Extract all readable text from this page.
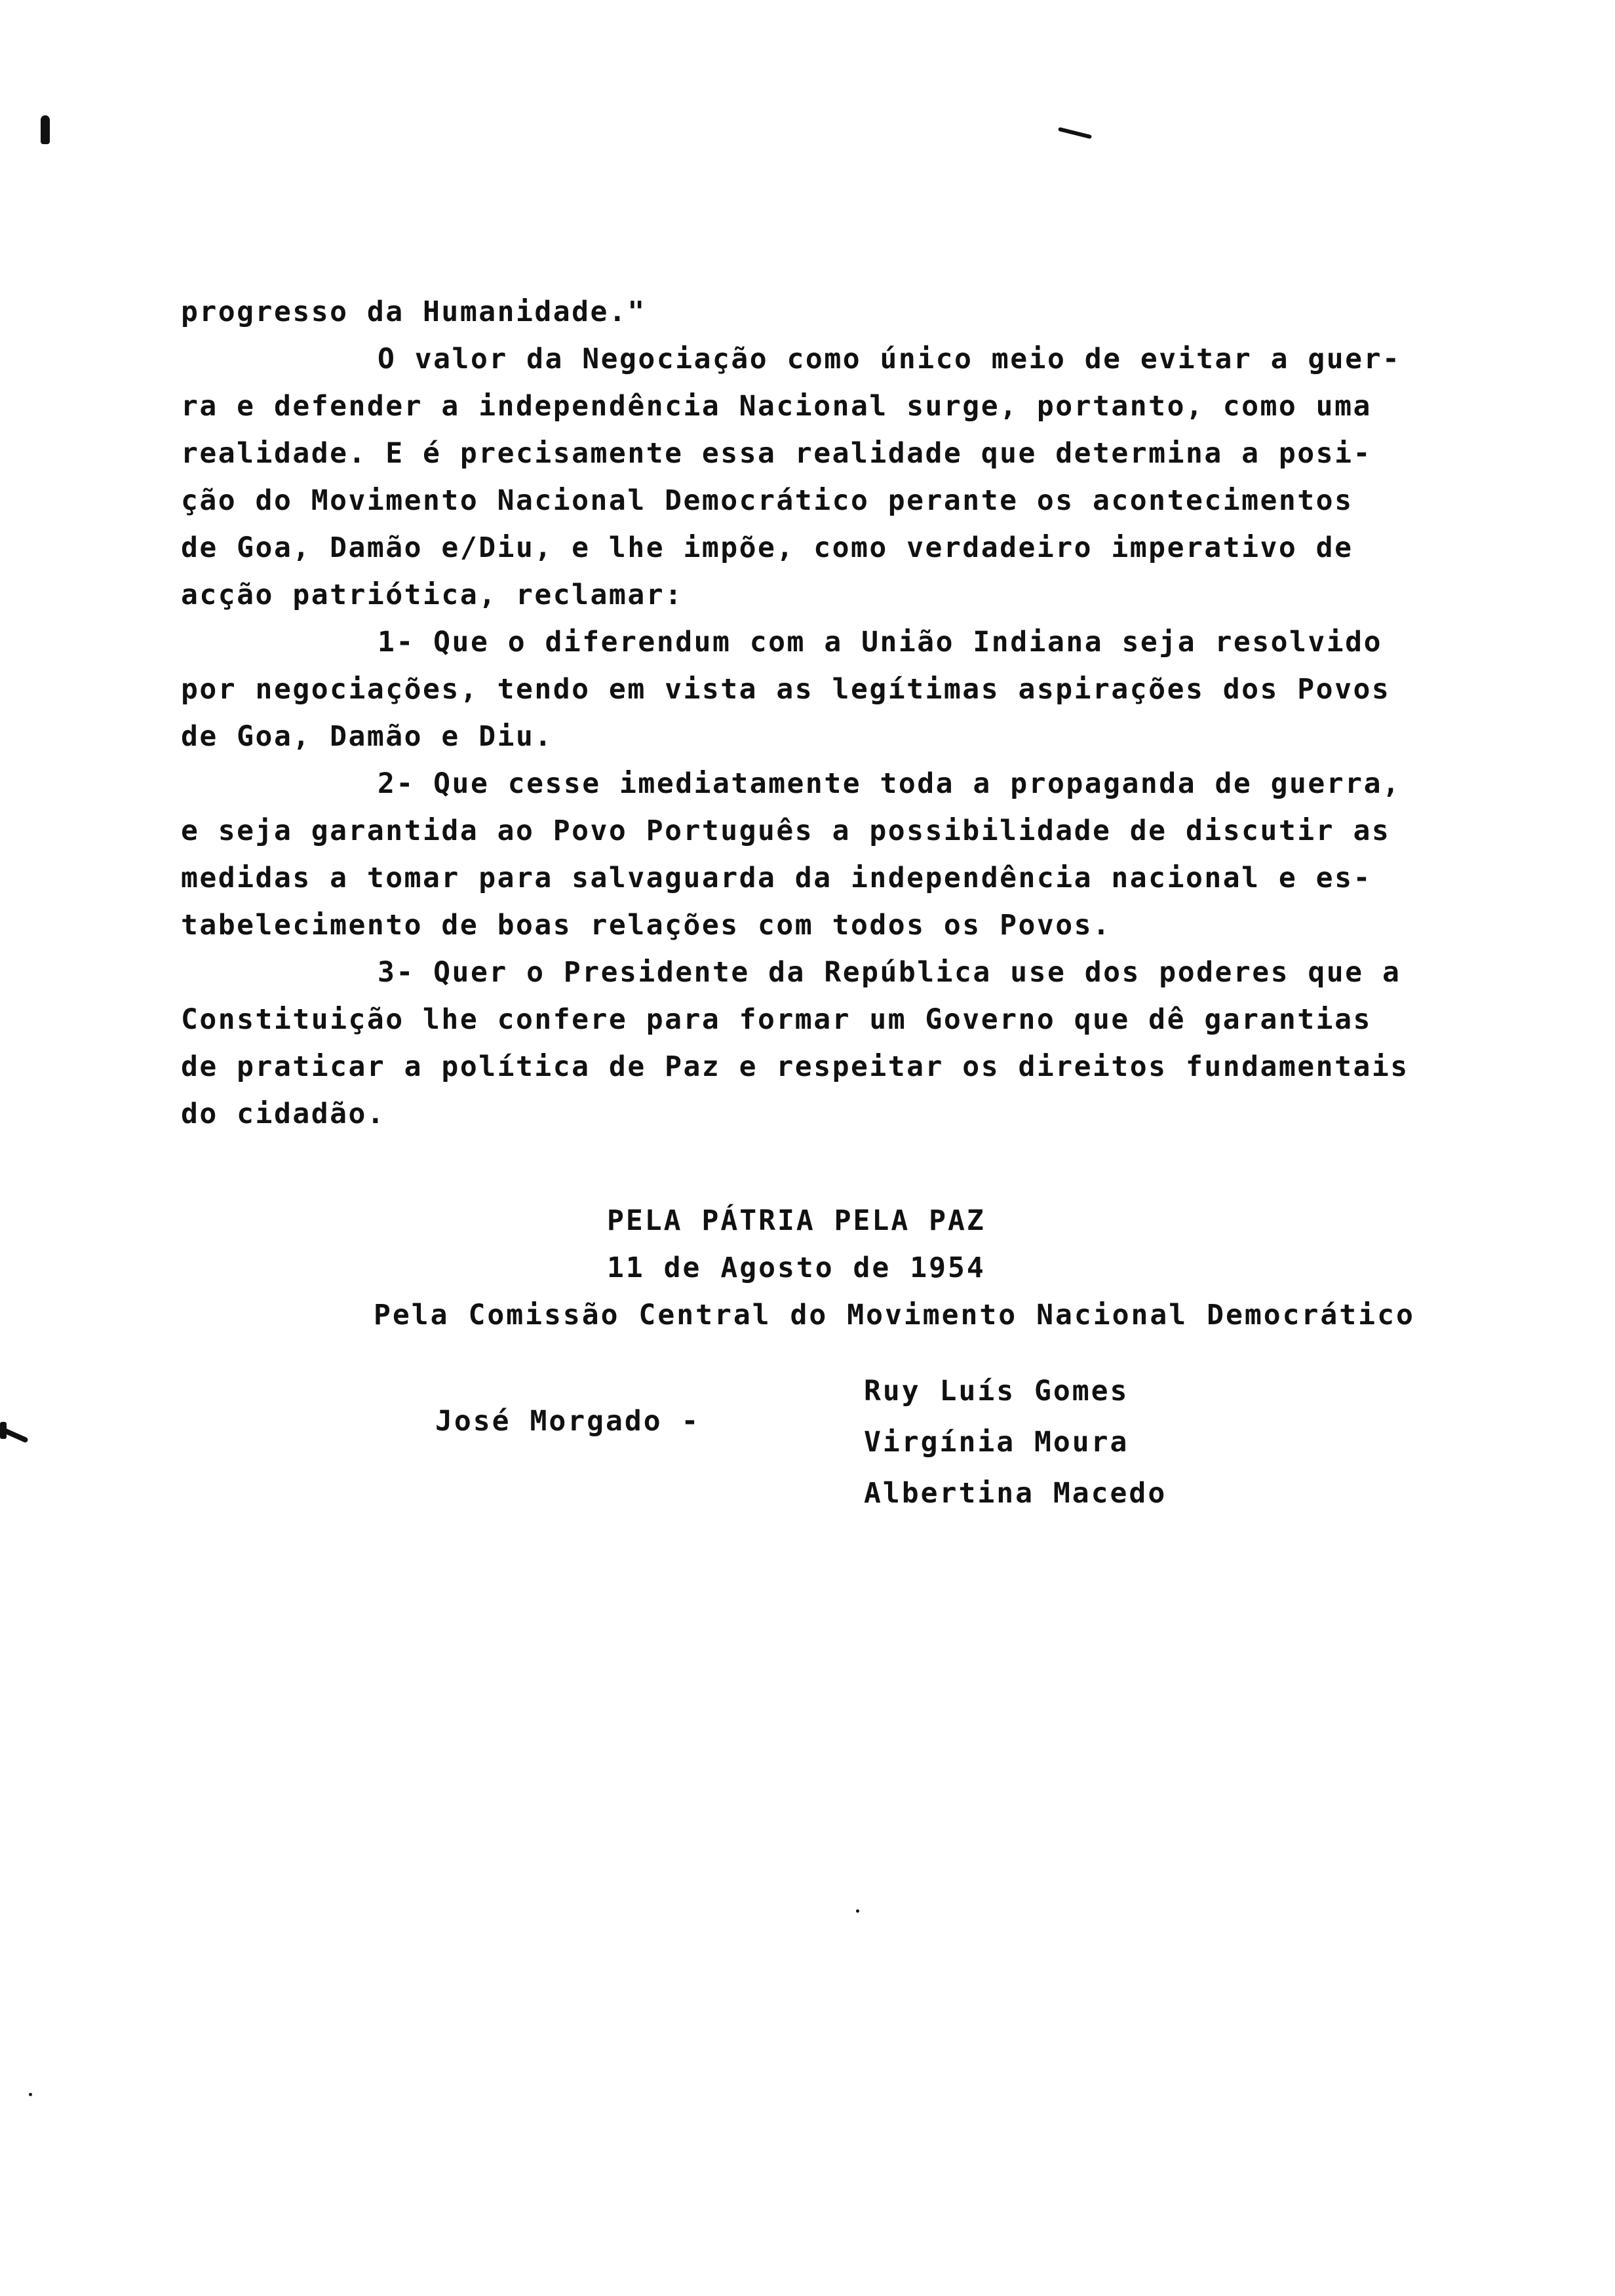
progresso da Humanidade."
O valor da Negociação como único meio de evitar a guer-
ra e defender a independência Nacional surge, portanto, como uma
realidade. E é precisamente essa realidade que determina a posi-
ção do Movimento Nacional Democrático perante os acontecimentos
de Goa, Damão e/Diu, e lhe impõe, como verdadeiro imperativo de
acção patriótica, reclamar:
1- Que o diferendum com a União Indiana seja resolvido
por negociações, tendo em vista as legítimas aspirações dos Povos
de Goa, Damão e Diu.
2- Que cesse imediatamente toda a propaganda de guerra,
e seja garantida ao Povo Português a possibilidade de discutir as
medidas a tomar para salvaguarda da independência nacional e es-
tabelecimento de boas relações com todos os Povos.
3- Quer o Presidente da República use dos poderes que a
Constituição lhe confere para formar um Governo que dê garantias
de praticar a política de Paz e respeitar os direitos fundamentais
do cidadão.
PELA PÁTRIA PELA PAZ
11 de Agosto de 1954
Pela Comissão Central do Movimento Nacional Democrático
José Morgado -
Ruy Luís Gomes
Virgínia Moura
Albertina Macedo
